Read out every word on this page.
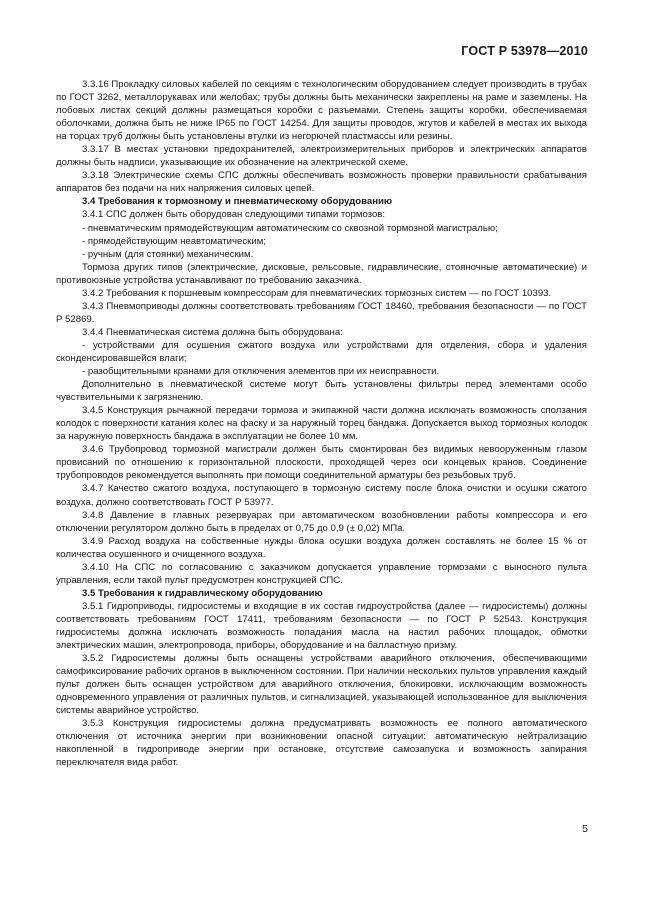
ГОСТ Р 53978—2010

3.3.16 Прокладку силовых кабелей по секциям с технологическим оборудованием следует производить в трубах по ГОСТ 3262, металлорукавах или желобах; трубы должны быть механически закреплены на раме и заземлены. На лобовых листах секций должны размещаться коробки с разъемами. Степень защиты коробки, обеспечиваемая оболочками, должна быть не ниже IP65 по ГОСТ 14254. Для защиты проводов, жгутов и кабелей в местах их выхода на торцах труб должны быть установлены втулки из негорючей пластмассы или резины.

3.3.17 В местах установки предохранителей, электроизмерительных приборов и электрических аппаратов должны быть надписи, указывающие их обозначение на электрической схеме.

3.3.18 Электрические схемы СПС должны обеспечивать возможность проверки правильности срабатывания аппаратов без подачи на них напряжения силовых цепей.

3.4 Требования к тормозному и пневматическому оборудованию

3.4.1 СПС должен быть оборудован следующими типами тормозов:

- пневматическим прямодействующим автоматическим со сквозной тормозной магистралью;

- прямодействующим неавтоматическим;

- ручным (для стоянки) механическим.

Тормоза других типов (электрические, дисковые, рельсовые, гидравлические, стояночные автоматические) и противоюзные устройства устанавливают по требованию заказчика.

3.4.2 Требования к поршневым компрессорам для пневматических тормозных систем — по ГОСТ 10393.

3.4.3 Пневмоприводы должны соответствовать требованиям ГОСТ 18460, требования безопасности — по ГОСТ Р 52869.

3.4.4 Пневматическая система должна быть оборудована:

- устройствами для осушения сжатого воздуха или устройствами для отделения, сбора и удаления сконденсировавшейся влаги;

- разобщительными кранами для отключения элементов при их неисправности.

Дополнительно в пневматической системе могут быть установлены фильтры перед элементами особо чувствительными к загрязнению.

3.4.5 Конструкция рычажной передачи тормоза и экипажной части должна исключать возможность сползания колодок с поверхности катания колес на фаску и за наружный торец бандажа. Допускается выход тормозных колодок за наружную поверхность бандажа в эксплуатации не более 10 мм.

3.4.6 Трубопровод тормозной магистрали должен быть смонтирован без видимых невооруженным глазом провисаний по отношению к горизонтальной плоскости, проходящей через оси концевых кранов. Соединение трубопроводов рекомендуется выполнять при помощи соединительной арматуры без резьбовых труб.

3.4.7 Качество сжатого воздуха, поступающего в тормозную систему после блока очистки и осушки сжатого воздуха, должно соответствовать ГОСТ Р 53977.

3.4.8 Давление в главных резервуарах при автоматическом возобновлении работы компрессора и его отключении регулятором должно быть в пределах от 0,75 до 0,9 (± 0,02) МПа.

3.4.9 Расход воздуха на собственные нужды блока осушки воздуха должен составлять не более 15 % от количества осушенного и очищенного воздуха.

3.4.10 На СПС по согласованию с заказчиком допускается управление тормозами с выносного пульта управления, если такой пульт предусмотрен конструкцией СПС.

3.5 Требования к гидравлическому оборудованию

3.5.1 Гидроприводы, гидросистемы и входящие в их состав гидроустройства (далее — гидросистемы) должны соответствовать требованиям ГОСТ 17411, требованиям безопасности — по ГОСТ Р 52543. Конструкция гидросистемы должна исключать возможность попадания масла на настил рабочих площадок, обмотки электрических машин, электропровода, приборы, оборудование и на балластную призму.

3.5.2 Гидросистемы должны быть оснащены устройствами аварийного отключения, обеспечивающими самофиксирование рабочих органов в выключенном состоянии. При наличии нескольких пультов управления каждый пульт должен быть оснащен устройством для аварийного отключения, блокировки, исключающим возможность одновременного управления от различных пультов, и сигнализацией, указывающей использованное для выключения системы аварийное устройство.

3.5.3 Конструкция гидросистемы должна предусматривать возможность ее полного автоматического отключения от источника энергии при возникновении опасной ситуации: автоматическую нейтрализацию накопленной в гидроприводе энергии при остановке, отсутствие самозапуска и возможность запирания переключателя вида работ.

5
